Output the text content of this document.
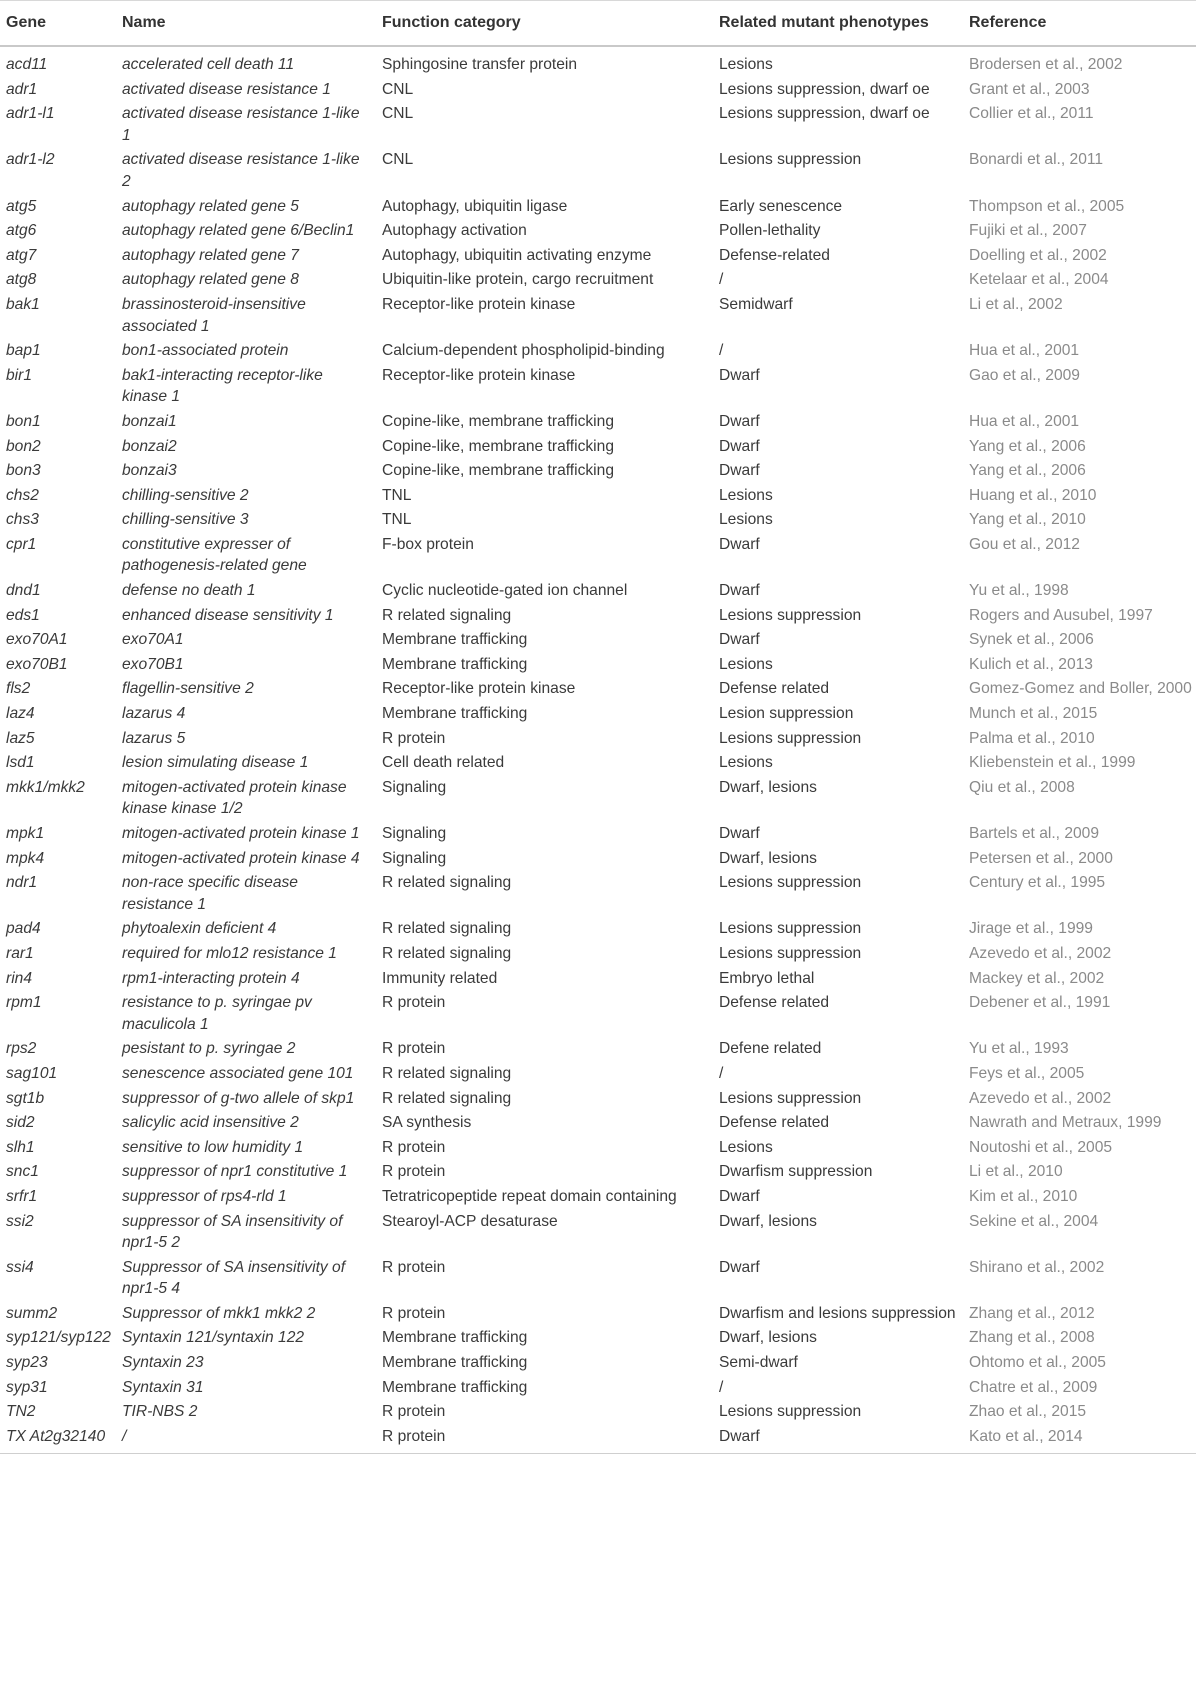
Gene	Name	Function category	Related mutant phenotypes	Reference
acd11	accelerated cell death 11	Sphingosine transfer protein	Lesions	Brodersen et al., 2002
adr1	activated disease resistance 1	CNL	Lesions suppression, dwarf oe	Grant et al., 2003
adr1-l1	activated disease resistance 1-like 1	CNL	Lesions suppression, dwarf oe	Collier et al., 2011
adr1-l2	activated disease resistance 1-like 2	CNL	Lesions suppression	Bonardi et al., 2011
atg5	autophagy related gene 5	Autophagy, ubiquitin ligase	Early senescence	Thompson et al., 2005
atg6	autophagy related gene 6/Beclin1	Autophagy activation	Pollen-lethality	Fujiki et al., 2007
atg7	autophagy related gene 7	Autophagy, ubiquitin activating enzyme	Defense-related	Doelling et al., 2002
atg8	autophagy related gene 8	Ubiquitin-like protein, cargo recruitment	/	Ketelaar et al., 2004
bak1	brassinosteroid-insensitive associated 1	Receptor-like protein kinase	Semidwarf	Li et al., 2002
bap1	bon1-associated protein	Calcium-dependent phospholipid-binding	/	Hua et al., 2001
bir1	bak1-interacting receptor-like kinase 1	Receptor-like protein kinase	Dwarf	Gao et al., 2009
bon1	bonzai1	Copine-like, membrane trafficking	Dwarf	Hua et al., 2001
bon2	bonzai2	Copine-like, membrane trafficking	Dwarf	Yang et al., 2006
bon3	bonzai3	Copine-like, membrane trafficking	Dwarf	Yang et al., 2006
chs2	chilling-sensitive 2	TNL	Lesions	Huang et al., 2010
chs3	chilling-sensitive 3	TNL	Lesions	Yang et al., 2010
cpr1	constitutive expresser of pathogenesis-related gene	F-box protein	Dwarf	Gou et al., 2012
dnd1	defense no death 1	Cyclic nucleotide-gated ion channel	Dwarf	Yu et al., 1998
eds1	enhanced disease sensitivity 1	R related signaling	Lesions suppression	Rogers and Ausubel, 1997
exo70A1	exo70A1	Membrane trafficking	Dwarf	Synek et al., 2006
exo70B1	exo70B1	Membrane trafficking	Lesions	Kulich et al., 2013
fls2	flagellin-sensitive 2	Receptor-like protein kinase	Defense related	Gomez-Gomez and Boller, 2000
laz4	lazarus 4	Membrane trafficking	Lesion suppression	Munch et al., 2015
laz5	lazarus 5	R protein	Lesions suppression	Palma et al., 2010
lsd1	lesion simulating disease 1	Cell death related	Lesions	Kliebenstein et al., 1999
mkk1/mkk2	mitogen-activated protein kinase kinase kinase 1/2	Signaling	Dwarf, lesions	Qiu et al., 2008
mpk1	mitogen-activated protein kinase 1	Signaling	Dwarf	Bartels et al., 2009
mpk4	mitogen-activated protein kinase 4	Signaling	Dwarf, lesions	Petersen et al., 2000
ndr1	non-race specific disease resistance 1	R related signaling	Lesions suppression	Century et al., 1995
pad4	phytoalexin deficient 4	R related signaling	Lesions suppression	Jirage et al., 1999
rar1	required for mlo12 resistance 1	R related signaling	Lesions suppression	Azevedo et al., 2002
rin4	rpm1-interacting protein 4	Immunity related	Embryo lethal	Mackey et al., 2002
rpm1	resistance to p. syringae pv maculicola 1	R protein	Defense related	Debener et al., 1991
rps2	pesistant to p. syringae 2	R protein	Defene related	Yu et al., 1993
sag101	senescence associated gene 101	R related signaling	/	Feys et al., 2005
sgt1b	suppressor of g-two allele of skp1	R related signaling	Lesions suppression	Azevedo et al., 2002
sid2	salicylic acid insensitive 2	SA synthesis	Defense related	Nawrath and Metraux, 1999
slh1	sensitive to low humidity 1	R protein	Lesions	Noutoshi et al., 2005
snc1	suppressor of npr1 constitutive 1	R protein	Dwarfism suppression	Li et al., 2010
srfr1	suppressor of rps4-rld 1	Tetratricopeptide repeat domain containing	Dwarf	Kim et al., 2010
ssi2	suppressor of SA insensitivity of npr1-5 2	Stearoyl-ACP desaturase	Dwarf, lesions	Sekine et al., 2004
ssi4	Suppressor of SA insensitivity of npr1-5 4	R protein	Dwarf	Shirano et al., 2002
summ2	Suppressor of mkk1 mkk2 2	R protein	Dwarfism and lesions suppression	Zhang et al., 2012
syp121/syp122	Syntaxin 121/syntaxin 122	Membrane trafficking	Dwarf, lesions	Zhang et al., 2008
syp23	Syntaxin 23	Membrane trafficking	Semi-dwarf	Ohtomo et al., 2005
syp31	Syntaxin 31	Membrane trafficking	/	Chatre et al., 2009
TN2	TIR-NBS 2	R protein	Lesions suppression	Zhao et al., 2015
TX At2g32140	/	R protein	Dwarf	Kato et al., 2014
